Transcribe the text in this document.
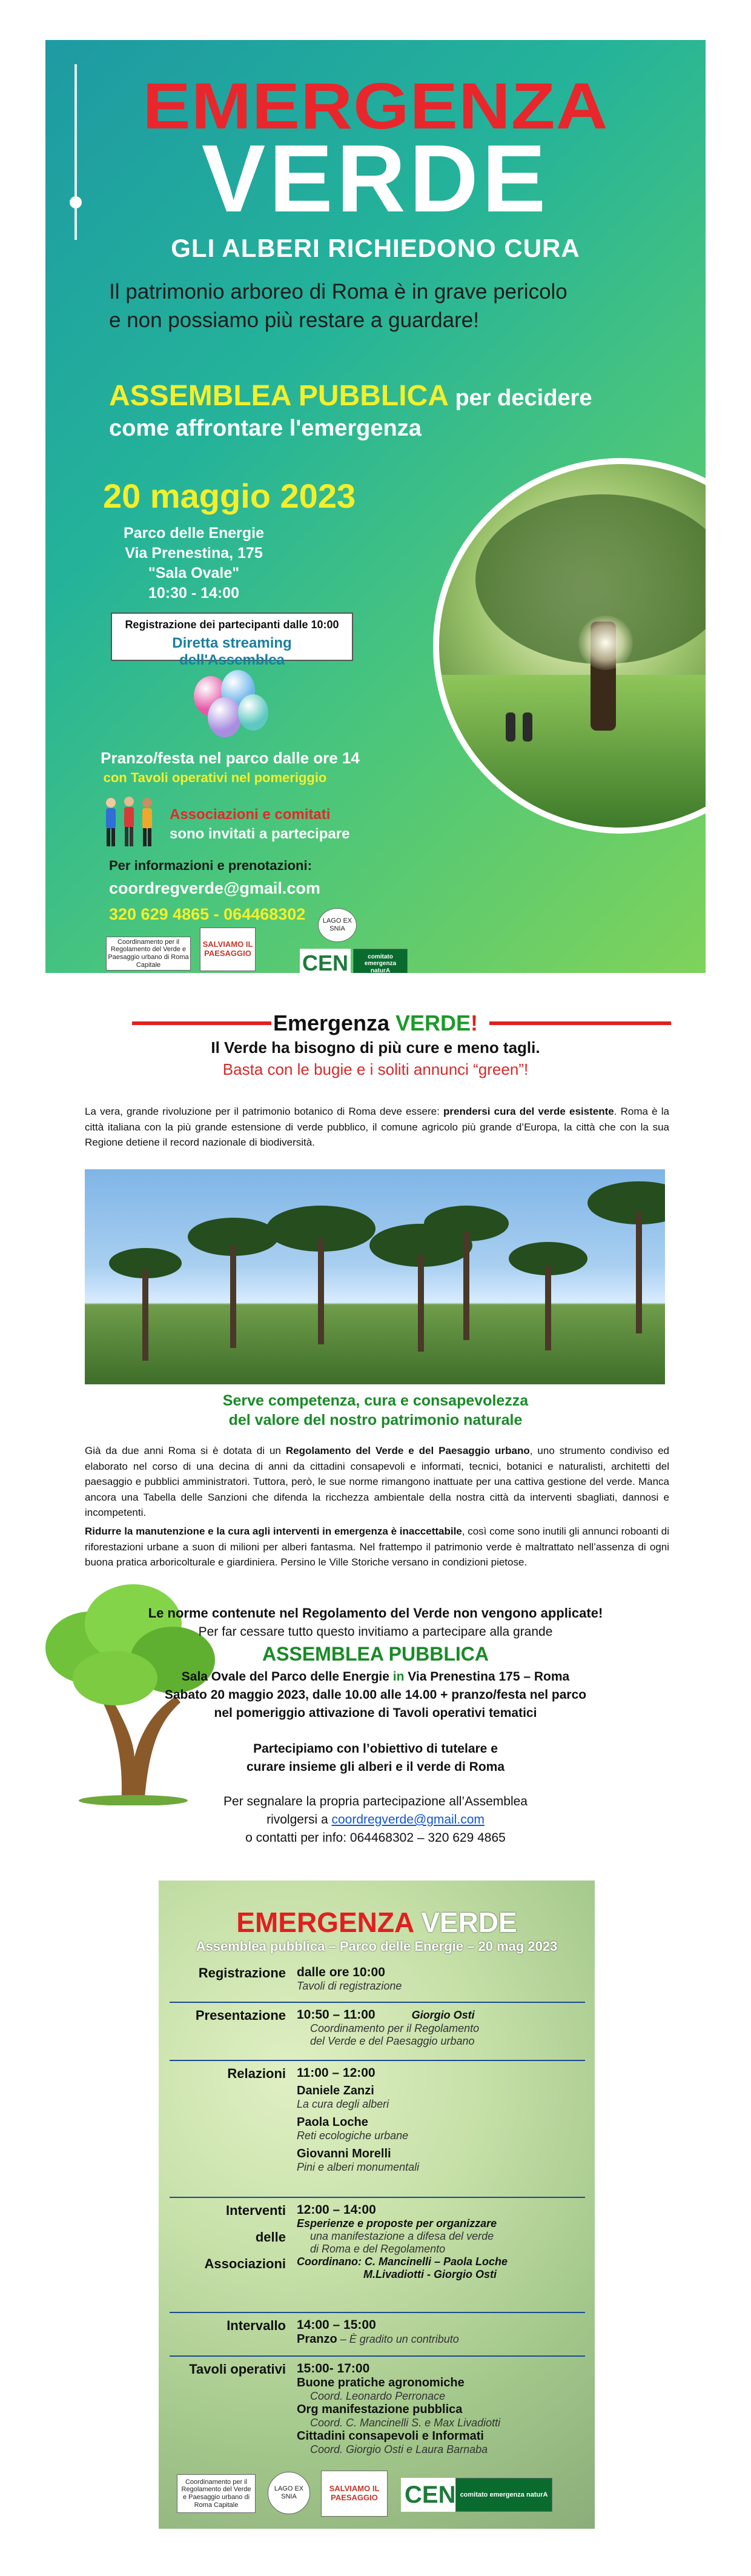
EMERGENZA
VERDE
GLI ALBERI RICHIEDONO CURA
Il patrimonio arboreo di Roma è in grave pericolo
e non possiamo più restare a guardare!
ASSEMBLEA PUBBLICA per decidere
come affrontare l'emergenza
20 maggio 2023
Parco delle Energie
Via Prenestina, 175
"Sala Ovale"
10:30 - 14:00
Registrazione dei partecipanti dalle 10:00
Diretta streaming dell'Assemblea
Pranzo/festa nel parco dalle ore 14
con Tavoli operativi nel pomeriggio
Associazioni e comitati
sono invitati a partecipare
Per informazioni e prenotazioni:
coordregverde@gmail.com
320 629 4865 - 064468302
Coordinamento per il Regolamento del Verde e Paesaggio urbano di Roma Capitale
SALVIAMO IL
PAESAGGIO
LAGO EX SNIA
CEN	comitato emergenza naturA
Emergenza VERDE!
Il Verde ha bisogno di più cure e meno tagli.
Basta con le bugie e i soliti annunci “green”!
La vera, grande rivoluzione per il patrimonio botanico di Roma deve essere: prendersi cura del verde esistente. Roma è la città italiana con la più grande estensione di verde pubblico, il comune agricolo più grande d’Europa, la città che con la sua Regione detiene il record nazionale di biodiversità.
Serve competenza, cura e consapevolezza
del valore del nostro patrimonio naturale
Già da due anni Roma si è dotata di un Regolamento del Verde e del Paesaggio urbano, uno strumento condiviso ed elaborato nel corso di una decina di anni da cittadini consapevoli e informati, tecnici, botanici e naturalisti, architetti del paesaggio e pubblici amministratori. Tuttora, però, le sue norme rimangono inattuate per una cattiva gestione del verde. Manca ancora una Tabella delle Sanzioni che difenda la ricchezza ambientale della nostra città da interventi sbagliati, dannosi e incompetenti.
Ridurre la manutenzione e la cura agli interventi in emergenza è inaccettabile, così come sono inutili gli annunci roboanti di riforestazioni urbane a suon di milioni per alberi fantasma. Nel frattempo il patrimonio verde è maltrattato nell’assenza di ogni buona pratica arboricolturale e giardiniera. Persino le Ville Storiche versano in condizioni pietose.
Le norme contenute nel Regolamento del Verde non vengono applicate!
Per far cessare tutto questo invitiamo a partecipare alla grande
ASSEMBLEA PUBBLICA
Sala Ovale del Parco delle Energie in Via Prenestina 175 – Roma
Sabato 20 maggio 2023, dalle 10.00 alle 14.00 + pranzo/festa nel parco
nel pomeriggio attivazione di Tavoli operativi tematici
Partecipiamo con l’obiettivo di tutelare e
curare insieme gli alberi e il verde di Roma
Per segnalare la propria partecipazione all’Assemblea
rivolgersi a coordregverde@gmail.com
o contatti per info: 064468302 – 320 629 4865
EMERGENZA VERDE
Assemblea pubblica – Parco delle Energie – 20 mag 2023
Registrazione dalle ore 10:00
Tavoli di registrazione
Presentazione 10:50 – 11:00	Giorgio Osti
Coordinamento per il Regolamento
del Verde e del Paesaggio urbano
Relazioni 11:00 – 12:00
Daniele Zanzi
La cura degli alberi
Paola Loche
Reti ecologiche urbane
Giovanni Morelli
Pini e alberi monumentali
Interventi
delle
Associazioni
12:00 – 14:00
Esperienze e proposte per organizzare
una manifestazione a difesa del verde
di Roma e del Regolamento
Coordinano: C. Mancinelli – Paola Loche
M.Livadiotti - Giorgio Osti
Intervallo 14:00 – 15:00
Pranzo – È gradito un contributo
Tavoli operativi 15:00- 17:00
Buone pratiche agronomiche
Coord. Leonardo Perronace
Org manifestazione pubblica
Coord. C. Mancinelli S. e Max Livadiotti
Cittadini consapevoli e Informati
Coord. Giorgio Osti e Laura Barnaba
Coordinamento per il Regolamento del Verde e Paesaggio urbano di Roma Capitale
LAGO EX SNIA
SALVIAMO IL
PAESAGGIO CEN comitato emergenza naturA
